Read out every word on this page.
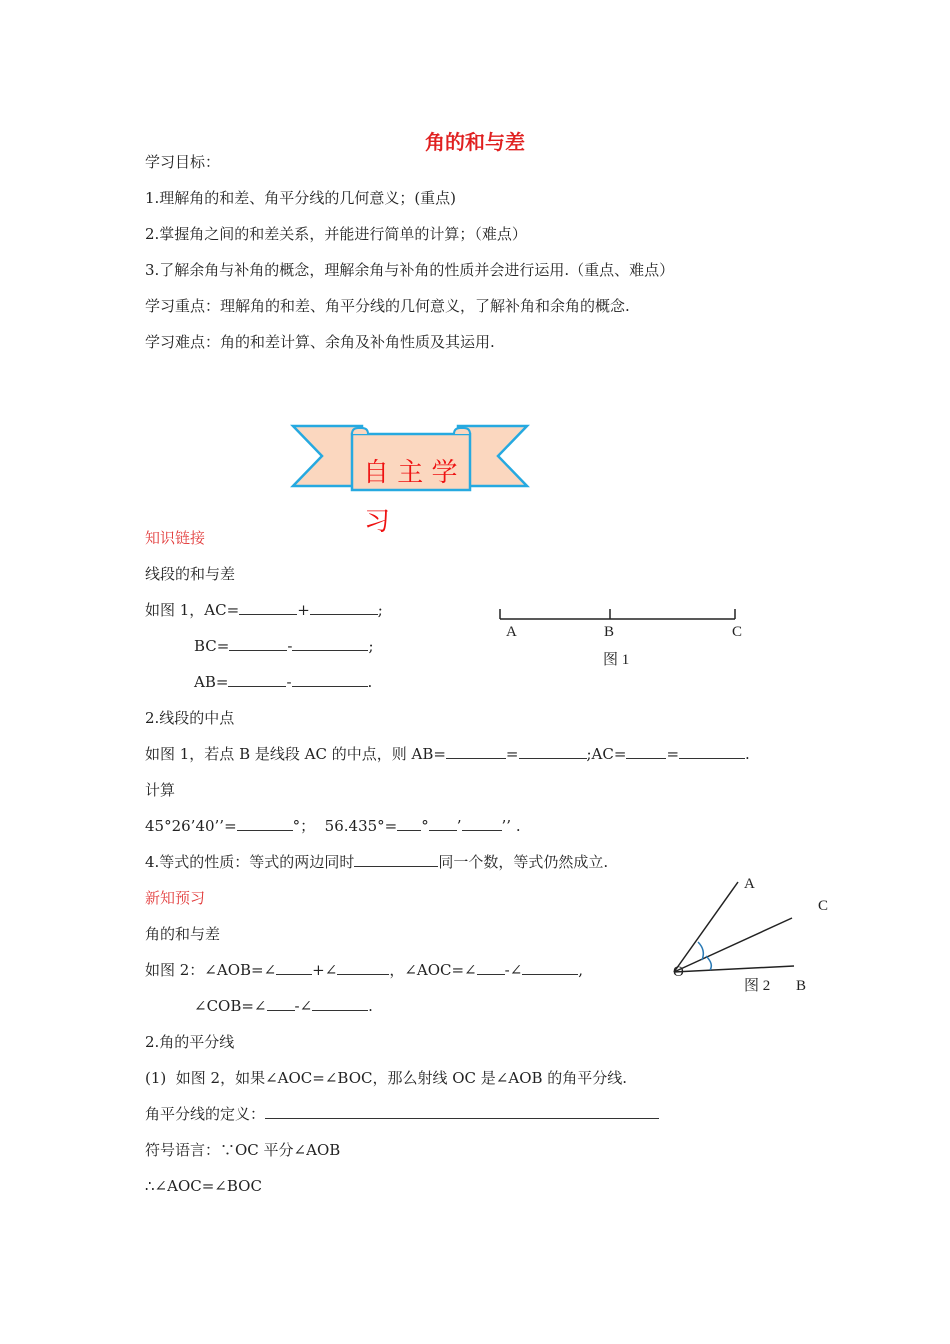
角的和与差
学习目标：
1.理解角的和差、角平分线的几何意义；(重点)
2.掌握角之间的和差关系，并能进行简单的计算；（难点）
3.了解余角与补角的概念，理解余角与补角的性质并会进行运用.（重点、难点）
学习重点：理解角的和差、角平分线的几何意义，了解补角和余角的概念.
学习难点：角的和差计算、余角及补角性质及其运用.
自 主 学
习
知识链接
线段的和与差
如图 1，AC=	+	;
BC=	-	;
AB=	-	.
A	B	C
图 1
2.线段的中点
如图 1，若点 B 是线段 AC 的中点，则 AB=	=	;AC=	=	.
计算
45°26’40’’=	°；  56.435°= ° ’	’’ .
4.等式的性质：等式的两边同时	同一个数，等式仍然成立.
新知预习
角的和与差
如图 2：∠AOB=∠ +∠	，∠AOC=∠ -∠	,
∠COB=∠ -∠	.
A
C
O
B
图 2
2.角的平分线
(1)  如图 2，如果∠AOC=∠BOC，那么射线 OC 是∠AOB 的角平分线.
角平分线的定义：
符号语言：∵OC 平分∠AOB
∴∠AOC=∠BOC
